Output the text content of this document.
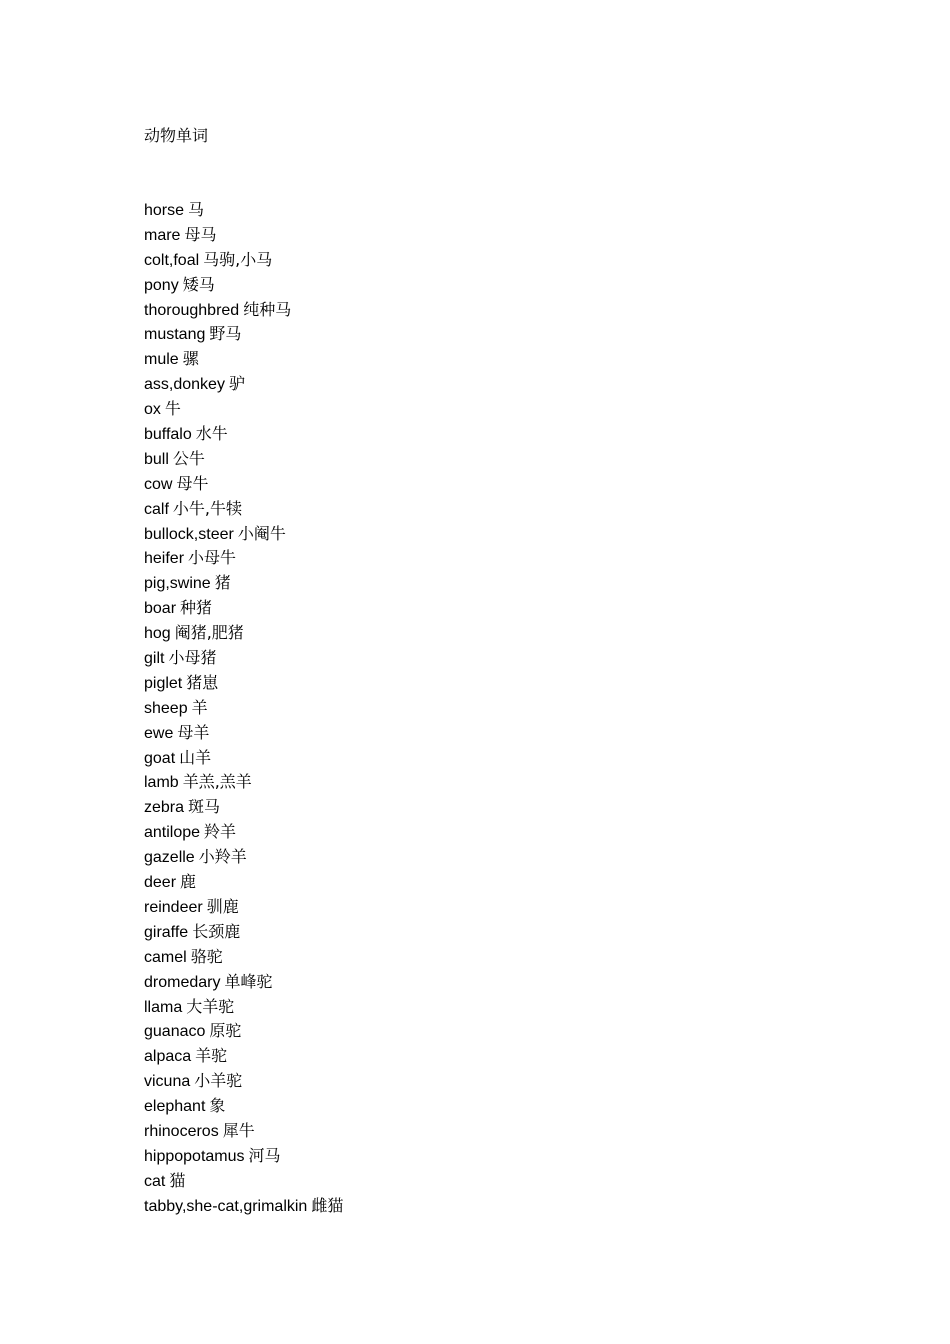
动物单词
horse 马
mare 母马
colt,foal 马驹,小马
pony 矮马
thoroughbred 纯种马
mustang 野马
mule 骡
ass,donkey 驴
ox 牛
buffalo 水牛
bull 公牛
cow 母牛
calf 小牛,牛犊
bullock,steer 小阉牛
heifer 小母牛
pig,swine 猪
boar 种猪
hog 阉猪,肥猪
gilt 小母猪
piglet 猪崽
sheep 羊
ewe 母羊
goat 山羊
lamb 羊羔,羔羊
zebra 斑马
antilope 羚羊
gazelle 小羚羊
deer 鹿
reindeer 驯鹿
giraffe 长颈鹿
camel 骆驼
dromedary 单峰驼
llama 大羊驼
guanaco 原驼
alpaca 羊驼
vicuna 小羊驼
elephant 象
rhinoceros 犀牛
hippopotamus 河马
cat 猫
tabby,she-cat,grimalkin 雌猫
